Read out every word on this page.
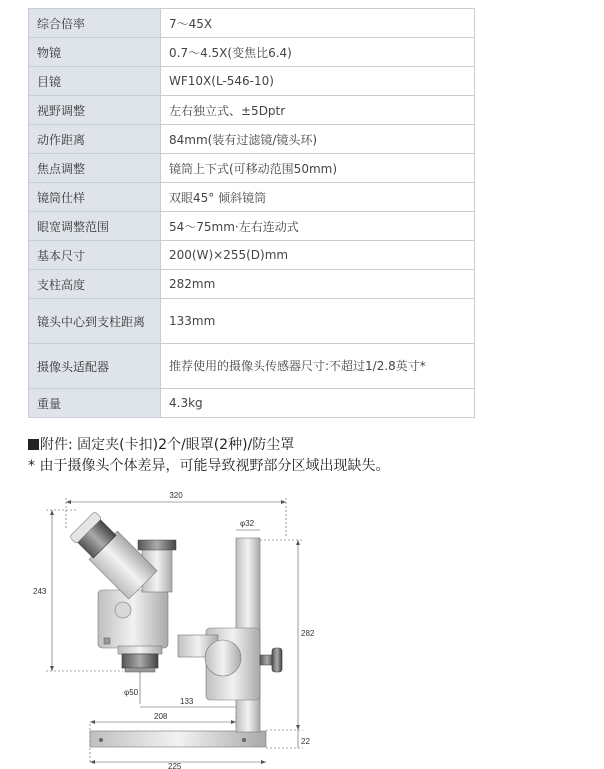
综合倍率	7〜45X
物镜	0.7〜4.5X(变焦比6.4)
目镜	WF10X(L-546-10)
视野调整	左右独立式、±5Dptr
动作距离	84mm(装有过滤镜/镜头环)
焦点调整	镜筒上下式(可移动范围50mm)
镜筒仕样	双眼45° 倾斜镜筒
眼宽调整范围	54〜75mm·左右连动式
基本尺寸	200(W)×255(D)mm
支柱高度	282mm
镜头中心到支柱距离	133mm
摄像头适配器	推荐使用的摄像头传感器尺寸:不超过1/2.8英寸*
重量	4.3kg
附件: 固定夹(卡扣)2个/眼罩(2种)/防尘罩
* 由于摄像头个体差异，可能导致视野部分区域出现缺失。
320
φ32
243
282
φ50
133
208
22
225
